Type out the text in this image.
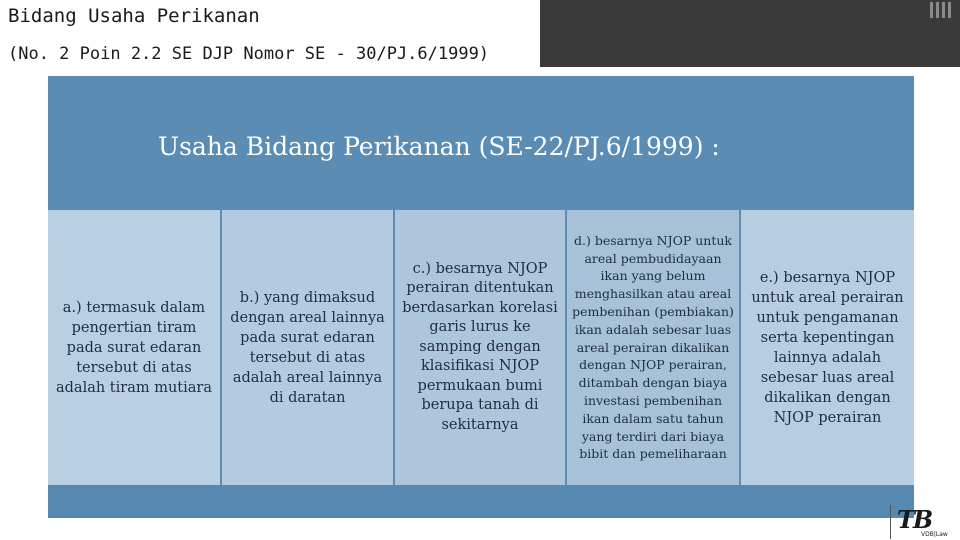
Bidang Usaha Perikanan
(No. 2 Poin 2.2 SE DJP Nomor SE - 30/PJ.6/1999)
Usaha Bidang Perikanan (SE-22/PJ.6/1999) :
a.) termasuk dalam pengertian tiram pada surat edaran tersebut di atas adalah tiram mutiara
b.) yang dimaksud dengan areal lainnya pada surat edaran tersebut di atas adalah areal lainnya di daratan
c.) besarnya NJOP perairan ditentukan berdasarkan korelasi garis lurus ke samping dengan klasifikasi NJOP permukaan bumi berupa tanah di sekitarnya
d.) besarnya NJOP untuk areal pembudidayaan ikan yang belum menghasilkan atau areal pembenihan (pembiakan) ikan adalah sebesar luas areal perairan dikalikan dengan NJOP perairan, ditambah dengan biaya investasi pembenihan ikan dalam satu tahun yang terdiri dari biaya bibit dan pemeliharaan
e.) besarnya NJOP untuk areal perairan untuk pengamanan serta kepentingan lainnya adalah sebesar luas areal dikalikan dengan NJOP perairan
TB
VDB|Law
